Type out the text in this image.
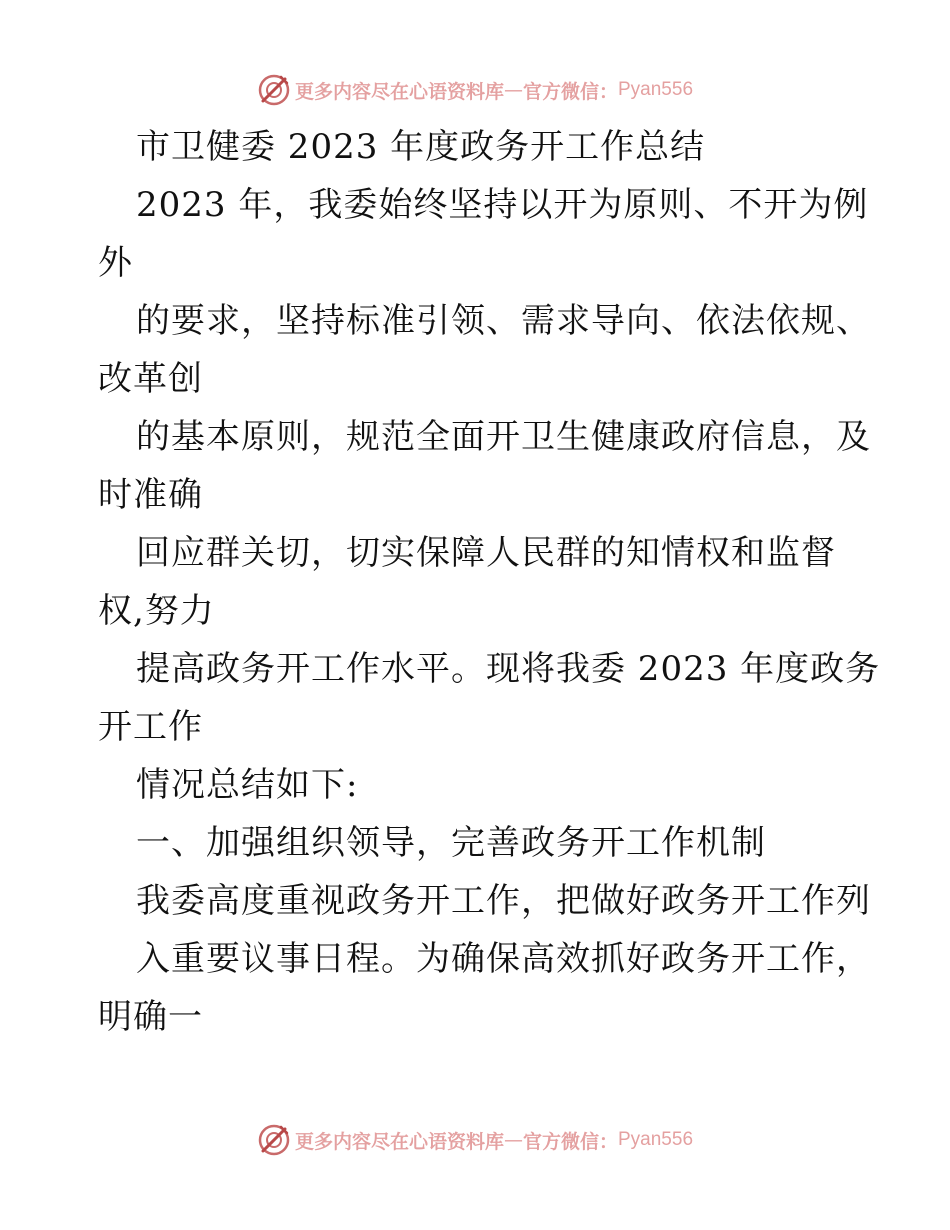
更多内容尽在心语资料库 — 官方微信： Pyan556
市卫健委 2023 年度政务开工作总结
2023 年，我委始终坚持以开为原则、不开为例
外
的要求，坚持标准引领、需求导向、依法依规、
改革创
的基本原则，规范全面开卫生健康政府信息，及
时准确
回应群关切，切实保障人民群的知情权和监督
权,努力
提高政务开工作水平。现将我委 2023 年度政务
开工作
情况总结如下:
一、加强组织领导，完善政务开工作机制
我委高度重视政务开工作，把做好政务开工作列
入重要议事日程。为确保高效抓好政务开工作，
明确一
更多内容尽在心语资料库 — 官方微信： Pyan556
